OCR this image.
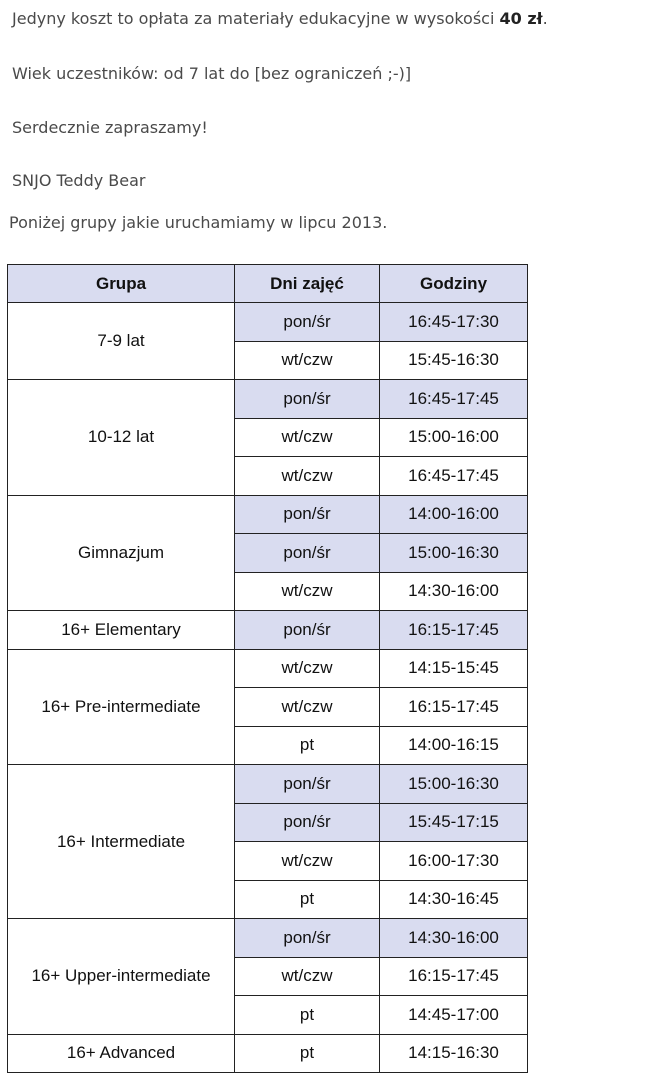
Jedyny koszt to opłata za materiały edukacyjne w wysokości 40 zł.

Wiek uczestników: od 7 lat do [bez ograniczeń ;-)]

Serdecznie zapraszamy!

SNJO Teddy Bear

Poniżej grupy jakie uruchamiamy w lipcu 2013.

Grupa	Dni zajęć	Godziny
7-9 lat	pon/śr	16:45-17:30
	wt/czw	15:45-16:30
10-12 lat	pon/śr	16:45-17:45
	wt/czw	15:00-16:00
	wt/czw	16:45-17:45
Gimnazjum	pon/śr	14:00-16:00
	pon/śr	15:00-16:30
	wt/czw	14:30-16:00
16+ Elementary	pon/śr	16:15-17:45
16+ Pre-intermediate	wt/czw	14:15-15:45
	wt/czw	16:15-17:45
	pt	14:00-16:15
16+ Intermediate	pon/śr	15:00-16:30
	pon/śr	15:45-17:15
	wt/czw	16:00-17:30
	pt	14:30-16:45
16+ Upper-intermediate	pon/śr	14:30-16:00
	wt/czw	16:15-17:45
	pt	14:45-17:00
16+ Advanced	pt	14:15-16:30
